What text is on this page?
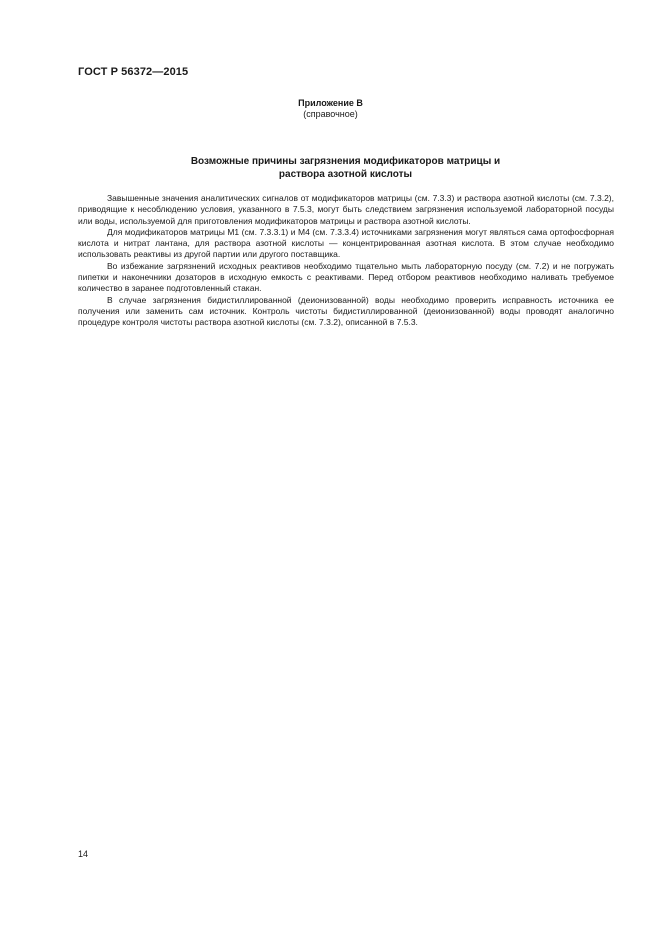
ГОСТ Р 56372—2015
Приложение В
(справочное)
Возможные причины загрязнения модификаторов матрицы и
раствора азотной кислоты

Завышенные значения аналитических сигналов от модификаторов матрицы (см. 7.3.3) и раствора азотной кислоты (см. 7.3.2), приводящие к несоблюдению условия, указанного в 7.5.3, могут быть следствием загрязнения используемой лабораторной посуды или воды, используемой для приготовления модификаторов матрицы и раствора азотной кислоты.

Для модификаторов матрицы М1 (см. 7.3.3.1) и М4 (см. 7.3.3.4) источниками загрязнения могут являться сама ортофосфорная кислота и нитрат лантана, для раствора азотной кислоты — концентрированная азотная кислота. В этом случае необходимо использовать реактивы из другой партии или другого поставщика.

Во избежание загрязнений исходных реактивов необходимо тщательно мыть лабораторную посуду (см. 7.2) и не погружать пипетки и наконечники дозаторов в исходную емкость с реактивами. Перед отбором реактивов необходимо наливать требуемое количество в заранее подготовленный стакан.

В случае загрязнения бидистиллированной (деионизованной) воды необходимо проверить исправность источника ее получения или заменить сам источник. Контроль чистоты бидистиллированной (деионизованной) воды проводят аналогично процедуре контроля чистоты раствора азотной кислоты (см. 7.3.2), описанной в 7.5.3.

14
